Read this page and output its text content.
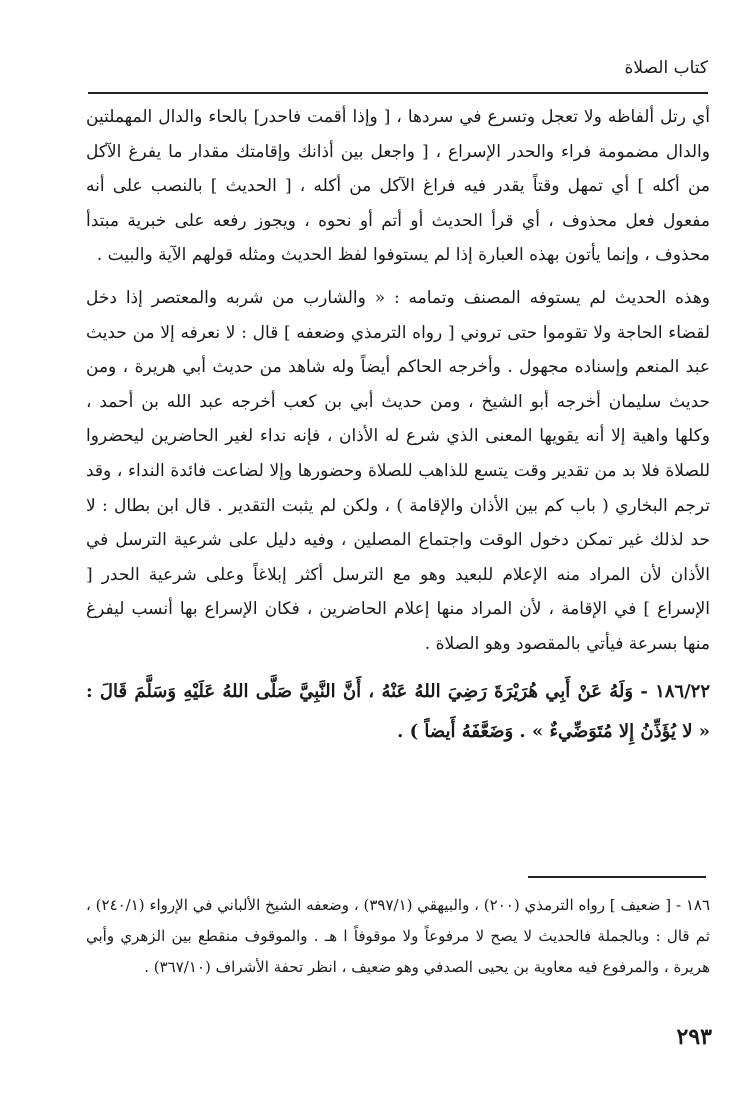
كتاب الصلاة

أي رتل ألفاظه ولا تعجل وتسرع في سردها ، [ وإذا أقمت فاحدر] بالحاء والدال المهملتين والدال مضمومة فراء والحدر الإسراع ، [ واجعل بين أذانك وإقامتك مقدار ما يفرغ الآكل من أكله ] أي تمهل وقتاً يقدر فيه فراغ الآكل من أكله ، [ الحديث ] بالنصب على أنه مفعول فعل محذوف ، أي قرأ الحديث أو أتم أو نحوه ، ويجوز رفعه على خبرية مبتدأ محذوف ، وإنما يأتون بهذه العبارة إذا لم يستوفوا لفظ الحديث ومثله قولهم الآية والبيت .

وهذه الحديث لم يستوفه المصنف وتمامه : « والشارب من شربه والمعتصر إذا دخل لقضاء الحاجة ولا تقوموا حتى تروني [ رواه الترمذي وضعفه ] قال : لا نعرفه إلا من حديث عبد المنعم وإسناده مجهول . وأخرجه الحاكم أيضاً وله شاهد من حديث أبي هريرة ، ومن حديث سليمان أخرجه أبو الشيخ ، ومن حديث أبي بن كعب أخرجه عبد الله بن أحمد ، وكلها واهية إلا أنه يقويها المعنى الذي شرع له الأذان ، فإنه نداء لغير الحاضرين ليحضروا للصلاة فلا بد من تقدير وقت يتسع للذاهب للصلاة وحضورها وإلا لضاعت فائدة النداء ، وقد ترجم البخاري ( باب كم بين الأذان والإقامة ) ، ولكن لم يثبت التقدير . قال ابن بطال : لا حد لذلك غير تمكن دخول الوقت واجتماع المصلين ، وفيه دليل على شرعية الترسل في الأذان لأن المراد منه الإعلام للبعيد وهو مع الترسل أكثر إبلاغاً وعلى شرعية الحدر [ الإسراع ] في الإقامة ، لأن المراد منها إعلام الحاضرين ، فكان الإسراع بها أنسب ليفرغ منها بسرعة فيأتي بالمقصود وهو الصلاة .

١٨٦/٢٢ - وَلَهُ عَنْ أَبِي هُرَيْرَةَ رَضِيَ اللهُ عَنْهُ ، أَنَّ النَّبِيَّ صَلَّى اللهُ عَلَيْهِ وَسَلَّمَ قَالَ : « لا يُؤَذِّنُ إِلا مُتَوَضِّيءٌ » . وَضَعَّفَهُ أَيضاً ) .

١٨٦ - [ ضعيف ] رواه الترمذي (٢٠٠) ، والبيهقي (٣٩٧/١) ، وضعفه الشيخ الألباني في الإرواء (٢٤٠/١) ، ثم قال : وبالجملة فالحديث لا يصح لا مرفوعاً ولا موقوفاً ا هـ . والموقوف منقطع بين الزهري وأبي هريرة ، والمرفوع فيه معاوية بن يحيى الصدفي وهو ضعيف ، انظر تحفة الأشراف (٣٦٧/١٠) .

٢٩٣
